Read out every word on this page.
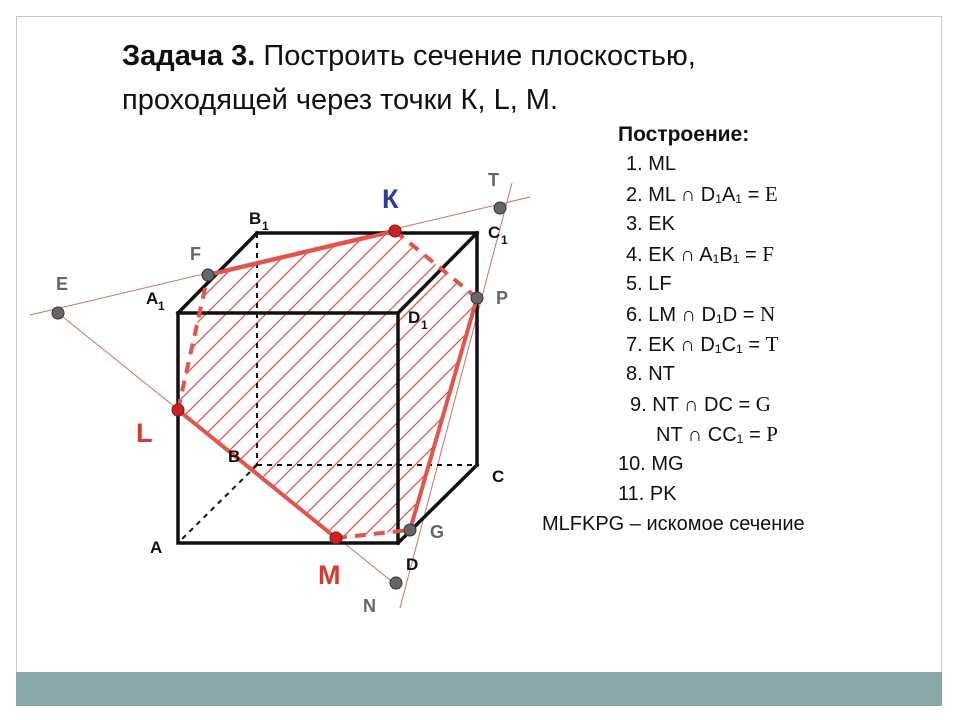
Задача 3. Построить сечение плоскостью,
проходящей через точки К, L, М.
A
B
C
D
A 1
B 1	C 1
D 1
E
F
T
P
G
N
К
L
M
Построение:
1. ML
2. ML ∩ D₁A₁ = E
3. EK
4. EK ∩ A₁B₁ = F
5. LF
6. LM ∩ D₁D = N
7. EK ∩ D₁C₁ = T
8. NT
9. NT ∩ DC = G
NT ∩ CC₁ = P
10. MG
11. PK
MLFKPG – искомое сечение
